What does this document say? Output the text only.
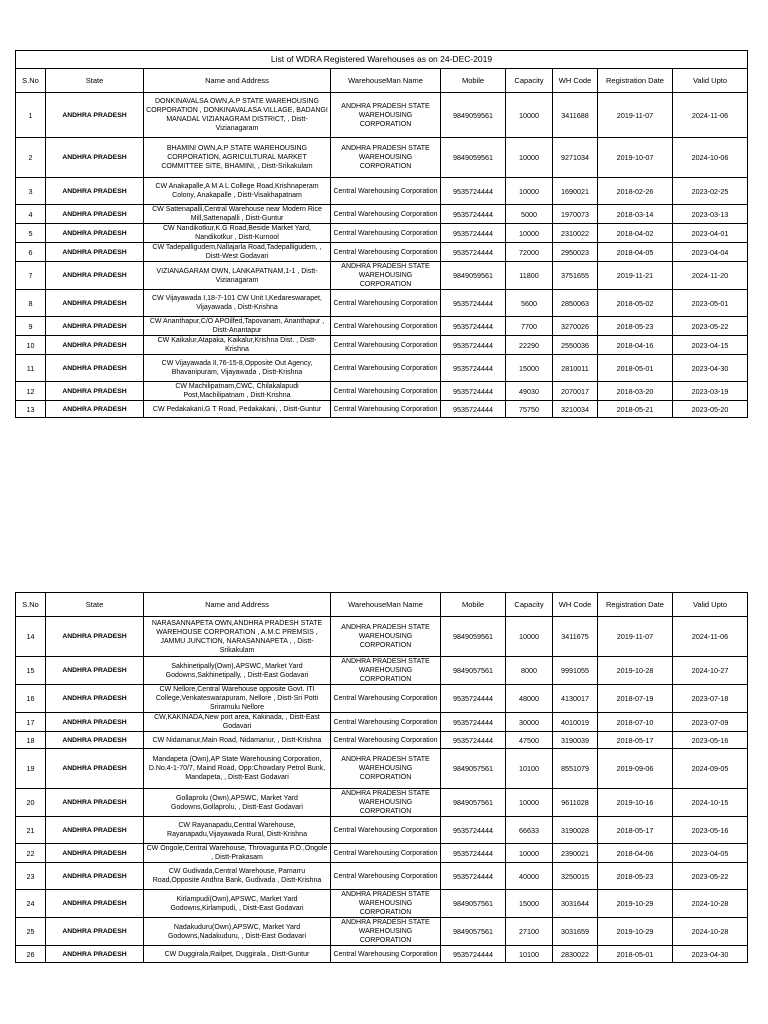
List of WDRA Registered Warehouses as on 24-DEC-2019								
S.No	State	Name and Address	WarehouseMan Name	Mobile	Capacity	WH Code	Registration Date	Valid Upto
1	ANDHRA PRADESH	DONKINAVALSA OWN,A.P STATE WAREHOUSING CORPORATION , DONKINAVALASA VILLAGE, BADANGI MANADAL VIZIANAGRAM DISTRICT, , Distt-Vizianagaram	ANDHRA PRADESH STATE WAREHOUSING CORPORATION	9849059561	10000	3411688	2019-11-07	2024-11-06
2	ANDHRA PRADESH	BHAMINI OWN,A.P STATE WAREHOUSING CORPORATION, AGRICULTURAL MARKET COMMITTEE SITE, BHAMINI, , Distt-Srikakulam	ANDHRA PRADESH STATE WAREHOUSING CORPORATION	9849059561	10000	9271034	2019-10-07	2024-10-06
3	ANDHRA PRADESH	CW Anakapalle,A M A L College Road,Krishnaperam Colony, Anakapalle , Distt-Visakhapatnam	Central Warehousing Corporation	9535724444	10000	1690021	2018-02-26	2023-02-25
4	ANDHRA PRADESH	CW Sattenapalli,Central Warehouse near Modern Rice Mill,Sattenapalli , Distt-Guntur	Central Warehousing Corporation	9535724444	5000	1970073	2018-03-14	2023-03-13
5	ANDHRA PRADESH	CW Nandikotkur,K.G Road,Beside Market Yard, Nandikotkur , Distt-Kurnool	Central Warehousing Corporation	9535724444	10000	2310022	2018-04-02	2023-04-01
6	ANDHRA PRADESH	CW Tadepalligudem,Nallajarla Road,Tadepalligudem, , Distt-West Godavari	Central Warehousing Corporation	9535724444	72000	2950023	2018-04-05	2023-04-04
7	ANDHRA PRADESH	VIZIANAGARAM OWN, LANKAPATNAM,1-1 , Distt-Vizianagaram	ANDHRA PRADESH STATE WAREHOUSING CORPORATION	9849059561	11800	3751655	2019-11-21	2024-11-20
8	ANDHRA PRADESH	CW Vijayawada I,18-7-101 CW Unit I,Kedareswarapet, Vijayawada , Distt-Krishna	Central Warehousing Corporation	9535724444	5600	2850063	2018-05-02	2023-05-01
9	ANDHRA PRADESH	CW Ananthapur,C/O APOilfed,Tapovanam, Ananthapur , Distt-Anantapur	Central Warehousing Corporation	9535724444	7700	3270026	2018-05-23	2023-05-22
10	ANDHRA PRADESH	CW Kaikalur,Atapaka, Kaikalur,Krishna Dist. , Distt-Krishna	Central Warehousing Corporation	9535724444	22290	2550036	2018-04-16	2023-04-15
11	ANDHRA PRADESH	CW Vijayawada II,76-15-8,Opposite Out Agency, Bhavanipuram, Vijayawada , Distt-Krishna	Central Warehousing Corporation	9535724444	15000	2810011	2018-05-01	2023-04-30
12	ANDHRA PRADESH	CW Machilipatnam,CWC, Chilakalapudi Post,Machilipatnam , Distt-Krishna	Central Warehousing Corporation	9535724444	49030	2070017	2018-03-20	2023-03-19
13	ANDHRA PRADESH	CW Pedakakani,G T Road, Pedakakani, , Distt-Guntur	Central Warehousing Corporation	9535724444	75750	3210034	2018-05-21	2023-05-20
S.No	State	Name and Address	WarehouseMan Name	Mobile	Capacity	WH Code	Registration Date	Valid Upto
14	ANDHRA PRADESH	NARASANNAPETA OWN,ANDHRA PRADESH STATE WAREHOUSE CORPORATION , A.M.C PREMSIS , JAMMU JUNCTION, NARASANNAPETA , , Distt-Srikakulam	ANDHRA PRADESH STATE WAREHOUSING CORPORATION	9849059561	10000	3411675	2019-11-07	2024-11-06
15	ANDHRA PRADESH	Sakhinetipally(Own),APSWC, Market Yard Godowns,Sakhinetipally, , Distt-East Godavari	ANDHRA PRADESH STATE WAREHOUSING CORPORATION	9849057561	8000	9991055	2019-10-28	2024-10-27
16	ANDHRA PRADESH	CW Nellore,Central Warehouse opposite Govt. ITI College,Venkateswarapuram, Nellore , Distt-Sri Potti Sriramulu Nellore	Central Warehousing Corporation	9535724444	48000	4130017	2018-07-19	2023-07-18
17	ANDHRA PRADESH	CW,KAKINADA,New port area, Kakinada, , Distt-East Godavari	Central Warehousing Corporation	9535724444	30000	4010019	2018-07-10	2023-07-09
18	ANDHRA PRADESH	CW Nidamanur,Main Road, Nidamanur, , Distt-Krishna	Central Warehousing Corporation	9535724444	47500	3190039	2018-05-17	2023-05-16
19	ANDHRA PRADESH	Mandapeta (Own),AP State Warehousing Corporation, D.No.4-1-70/7, Maind Road, Opp:Chowdary Petrol Bunk, Mandapeta, , Distt-East Godavari	ANDHRA PRADESH STATE WAREHOUSING CORPORATION	9849057561	10100	8551079	2019-09-06	2024-09-05
20	ANDHRA PRADESH	Gollaprolu (Own),APSWC, Market Yard Godowns,Gollaprolu, , Distt-East Godavari	ANDHRA PRADESH STATE WAREHOUSING CORPORATION	9849057561	10000	9611028	2019-10-16	2024-10-15
21	ANDHRA PRADESH	CW Rayanapadu,Central Warehouse, Rayanapadu,Vijayawada Rural, Distt-Krishna	Central Warehousing Corporation	9535724444	66633	3190028	2018-05-17	2023-05-16
22	ANDHRA PRADESH	CW Ongole,Central Warehouse, Throvagunta P.O.,Ongole , Distt-Prakasam	Central Warehousing Corporation	9535724444	10000	2390021	2018-04-06	2023-04-05
23	ANDHRA PRADESH	CW Gudivada,Central Warehouse, Pamarru Road,Opposite Andhra Bank, Gudivada , Distt-Krishna	Central Warehousing Corporation	9535724444	40000	3250015	2018-05-23	2023-05-22
24	ANDHRA PRADESH	Kirlampudi(Own),APSWC, Market Yard Godowns,Kirlampudi, , Distt-East Godavari	ANDHRA PRADESH STATE WAREHOUSING CORPORATION	9849057561	15000	3031644	2019-10-29	2024-10-28
25	ANDHRA PRADESH	Nadakuduru(Own),APSWC, Market Yard Godowns,Nadakuduru, , Distt-East Godavari	ANDHRA PRADESH STATE WAREHOUSING CORPORATION	9849057561	27100	3031659	2019-10-29	2024-10-28
26	ANDHRA PRADESH	CW Duggirala,Railpet, Duggirala , Distt-Guntur	Central Warehousing Corporation	9535724444	10100	2830022	2018-05-01	2023-04-30
